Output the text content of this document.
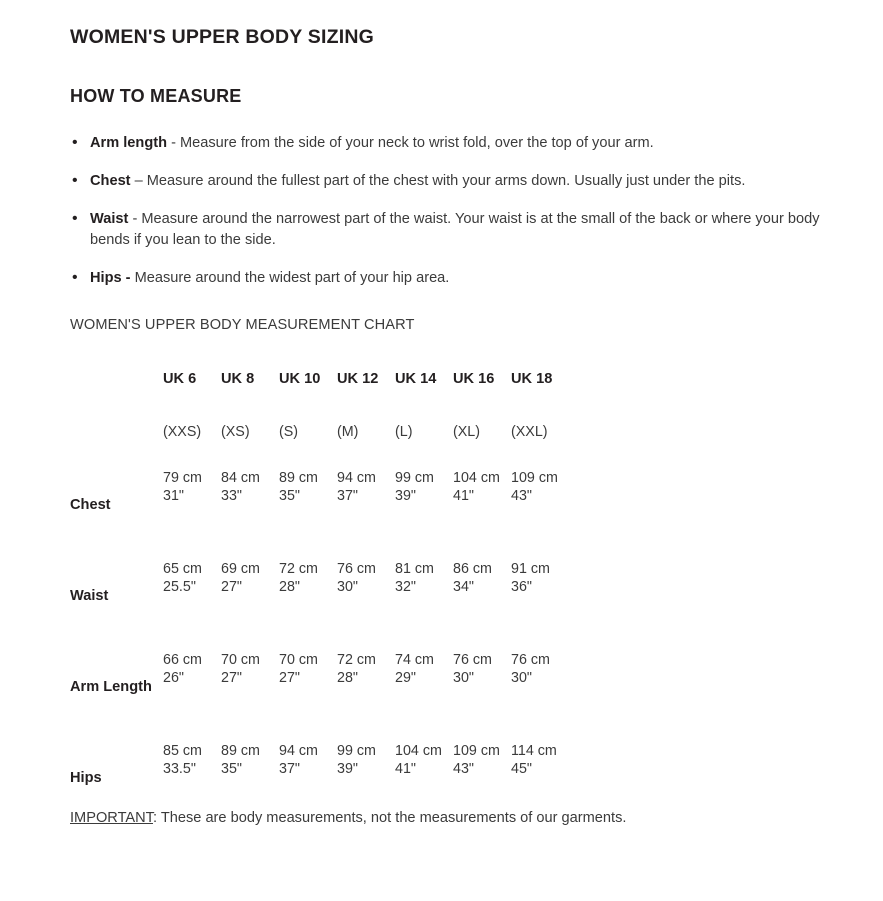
WOMEN'S UPPER BODY SIZING
HOW TO MEASURE
• Arm length - Measure from the side of your neck to wrist fold, over the top of your arm.
• Chest – Measure around the fullest part of the chest with your arms down. Usually just under the pits.
• Waist - Measure around the narrowest part of the waist. Your waist is at the small of the back or where your body bends if you lean to the side.
• Hips - Measure around the widest part of your hip area.
WOMEN'S UPPER BODY MEASUREMENT CHART
	UK 6	UK 8	UK 10	UK 12	UK 14	UK 16	UK 18
	(XXS)	(XS)	(S)	(M)	(L)	(XL)	(XXL)
Chest	79 cm	84 cm	89 cm	94 cm	99 cm	104 cm	109 cm
	31"	33"	35"	37"	39"	41"	43"

Waist	65 cm	69 cm	72 cm	76 cm	81 cm	86 cm	91 cm
	25.5"	27"	28"	30"	32"	34"	36"

Arm Length	66 cm	70 cm	70 cm	72 cm	74 cm	76 cm	76 cm
	26"	27"	27"	28"	29"	30"	30"

Hips	85 cm	89 cm	94 cm	99 cm	104 cm	109 cm	114 cm
	33.5"	35"	37"	39"	41"	43"	45"
IMPORTANT: These are body measurements, not the measurements of our garments.
